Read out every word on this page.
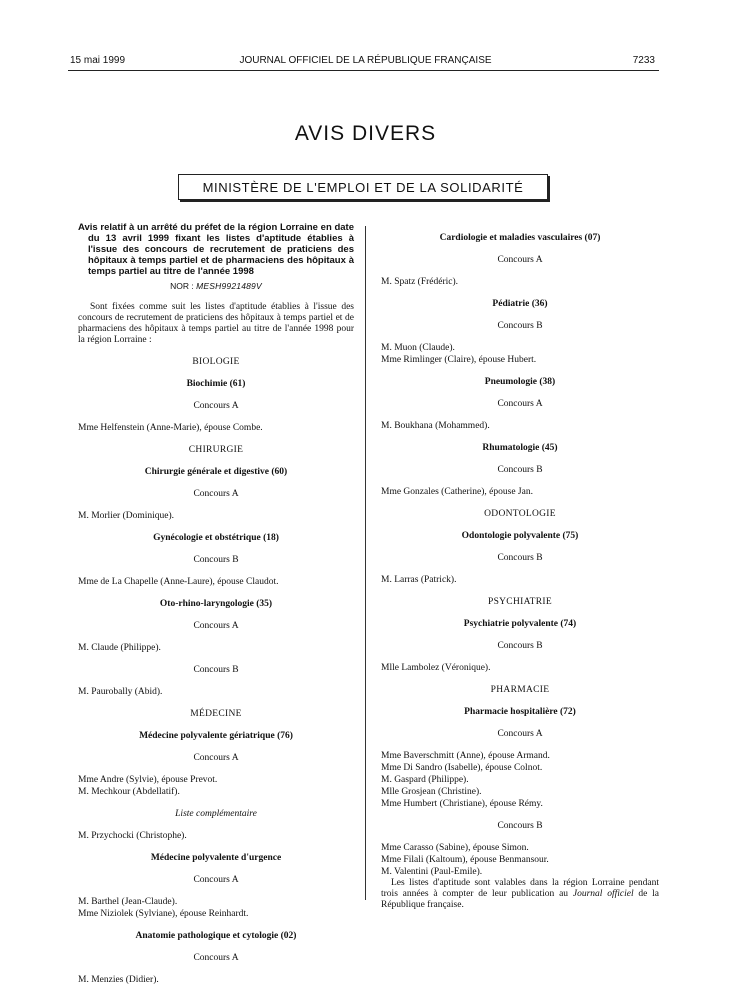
15 mai 1999	JOURNAL OFFICIEL DE LA RÉPUBLIQUE FRANÇAISE	7233
AVIS DIVERS
MINISTÈRE DE L'EMPLOI ET DE LA SOLIDARITÉ
Avis relatif à un arrêté du préfet de la région Lorraine en date du 13 avril 1999 fixant les listes d'aptitude établies à l'issue des concours de recrutement de praticiens des hôpitaux à temps partiel et de pharmaciens des hôpitaux à temps partiel au titre de l'année 1998
NOR : MESH9921489V
Sont fixées comme suit les listes d'aptitude établies à l'issue des concours de recrutement de praticiens des hôpitaux à temps partiel et de pharmaciens des hôpitaux à temps partiel au titre de l'année 1998 pour la région Lorraine :
BIOLOGIE
Biochimie (61)
Concours A
Mme Helfenstein (Anne-Marie), épouse Combe.
CHIRURGIE
Chirurgie générale et digestive (60)
Concours A
M. Morlier (Dominique).
Gynécologie et obstétrique (18)
Concours B
Mme de La Chapelle (Anne-Laure), épouse Claudot.
Oto-rhino-laryngologie (35)
Concours A
M. Claude (Philippe).
Concours B
M. Paurobally (Abid).
MÉDECINE
Médecine polyvalente gériatrique (76)
Concours A
Mme Andre (Sylvie), épouse Prevot.
M. Mechkour (Abdellatif).
Liste complémentaire
M. Przychocki (Christophe).
Médecine polyvalente d'urgence
Concours A
M. Barthel (Jean-Claude).
Mme Niziolek (Sylviane), épouse Reinhardt.
Anatomie pathologique et cytologie (02)
Concours A
M. Menzies (Didier).
Cardiologie et maladies vasculaires (07)
Concours A
M. Spatz (Frédéric).
Pédiatrie (36)
Concours B
M. Muon (Claude).
Mme Rimlinger (Claire), épouse Hubert.
Pneumologie (38)
Concours A
M. Boukhana (Mohammed).
Rhumatologie (45)
Concours B
Mme Gonzales (Catherine), épouse Jan.
ODONTOLOGIE
Odontologie polyvalente (75)
Concours B
M. Larras (Patrick).
PSYCHIATRIE
Psychiatrie polyvalente (74)
Concours B
Mlle Lambolez (Véronique).
PHARMACIE
Pharmacie hospitalière (72)
Concours A
Mme Baverschmitt (Anne), épouse Armand.
Mme Di Sandro (Isabelle), épouse Colnot.
M. Gaspard (Philippe).
Mlle Grosjean (Christine).
Mme Humbert (Christiane), épouse Rémy.
Concours B
Mme Carasso (Sabine), épouse Simon.
Mme Filali (Kaltoum), épouse Benmansour.
M. Valentini (Paul-Emile).
Les listes d'aptitude sont valables dans la région Lorraine pendant trois années à compter de leur publication au Journal officiel de la République française.
